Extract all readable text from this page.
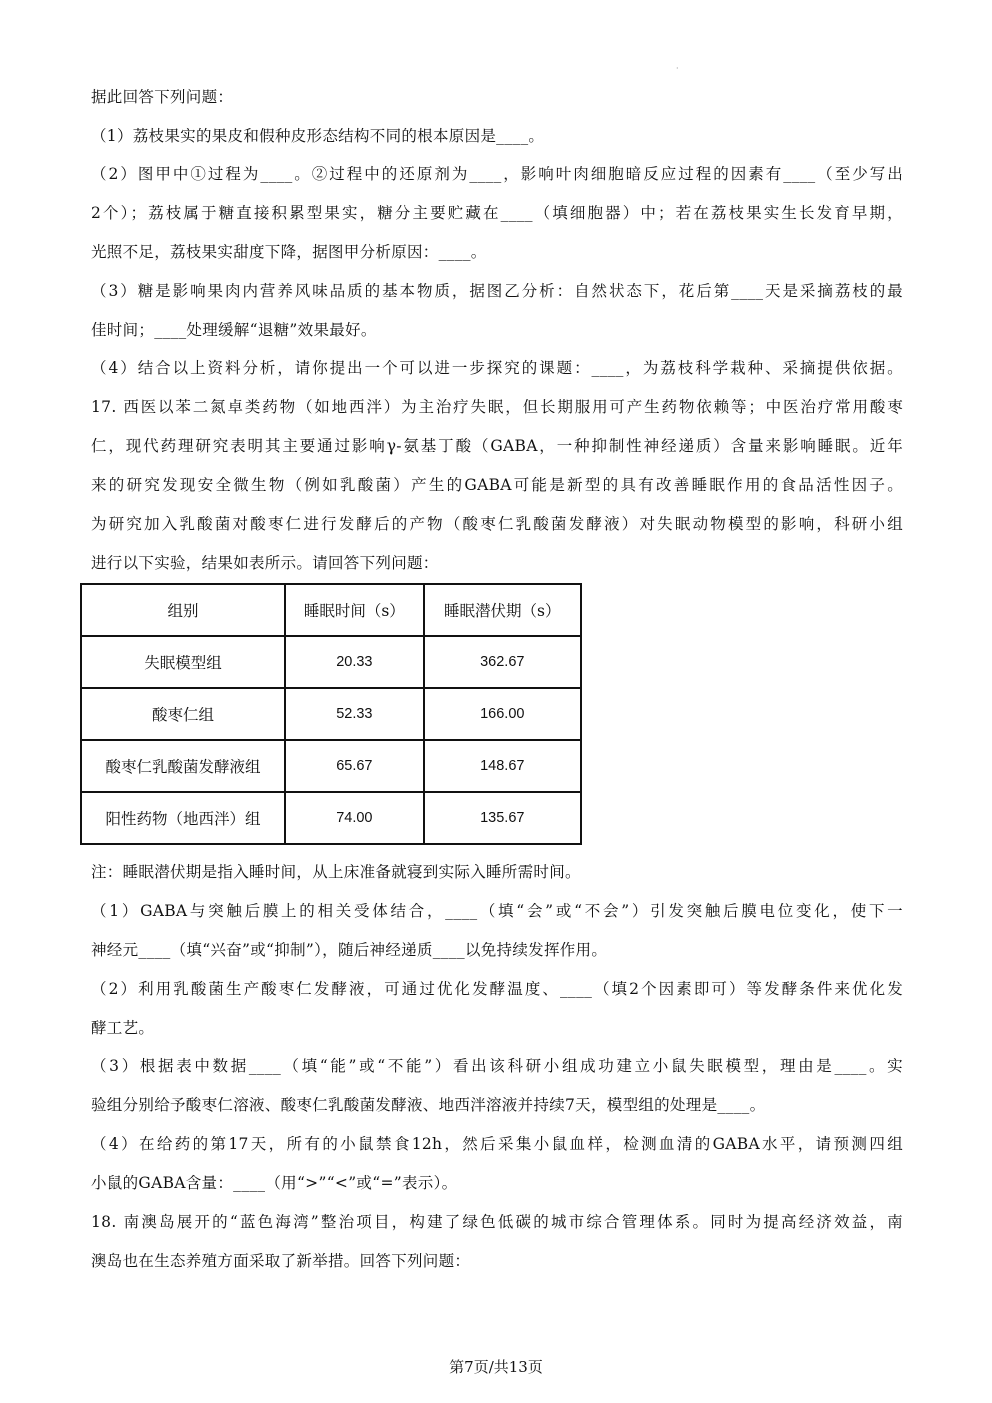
·
据此回答下列问题：
（1）荔枝果实的果皮和假种皮形态结构不同的根本原因是____。
（2）图甲中①过程为____。②过程中的还原剂为____，影响叶肉细胞暗反应过程的因素有____（至少写出
2个）；荔枝属于糖直接积累型果实，糖分主要贮藏在____（填细胞器）中；若在荔枝果实生长发育早期，
光照不足，荔枝果实甜度下降，据图甲分析原因：____。
（3）糖是影响果肉内营养风味品质的基本物质，据图乙分析：自然状态下，花后第____天是采摘荔枝的最
佳时间；____处理缓解“退糖”效果最好。
（4）结合以上资料分析，请你提出一个可以进一步探究的课题：____，为荔枝科学栽种、采摘提供依据。
17. 西医以苯二氮卓类药物（如地西泮）为主治疗失眠，但长期服用可产生药物依赖等；中医治疗常用酸枣
仁，现代药理研究表明其主要通过影响γ-氨基丁酸（GABA，一种抑制性神经递质）含量来影响睡眠。近年
来的研究发现安全微生物（例如乳酸菌）产生的GABA可能是新型的具有改善睡眠作用的食品活性因子。
为研究加入乳酸菌对酸枣仁进行发酵后的产物（酸枣仁乳酸菌发酵液）对失眠动物模型的影响，科研小组
进行以下实验，结果如表所示。请回答下列问题：
组别	睡眠时间（s）	睡眠潜伏期（s）
失眠模型组	20.33	362.67
酸枣仁组	52.33	166.00
酸枣仁乳酸菌发酵液组	65.67	148.67
阳性药物（地西泮）组	74.00	135.67
注：睡眠潜伏期是指入睡时间，从上床准备就寝到实际入睡所需时间。
（1）GABA与突触后膜上的相关受体结合，____（填“会”或“不会”）引发突触后膜电位变化，使下一
神经元____（填“兴奋”或“抑制”），随后神经递质____以免持续发挥作用。
（2）利用乳酸菌生产酸枣仁发酵液，可通过优化发酵温度、____（填2个因素即可）等发酵条件来优化发
酵工艺。
（3）根据表中数据____（填“能”或“不能”）看出该科研小组成功建立小鼠失眠模型，理由是____。实
验组分别给予酸枣仁溶液、酸枣仁乳酸菌发酵液、地西泮溶液并持续7天，模型组的处理是____。
（4）在给药的第17天，所有的小鼠禁食12h，然后采集小鼠血样，检测血清的GABA水平，请预测四组
小鼠的GABA含量：____（用“>”“<”或“=”表示）。
18. 南澳岛展开的“蓝色海湾”整治项目，构建了绿色低碳的城市综合管理体系。同时为提高经济效益，南
澳岛也在生态养殖方面采取了新举措。回答下列问题：
第7页/共13页
